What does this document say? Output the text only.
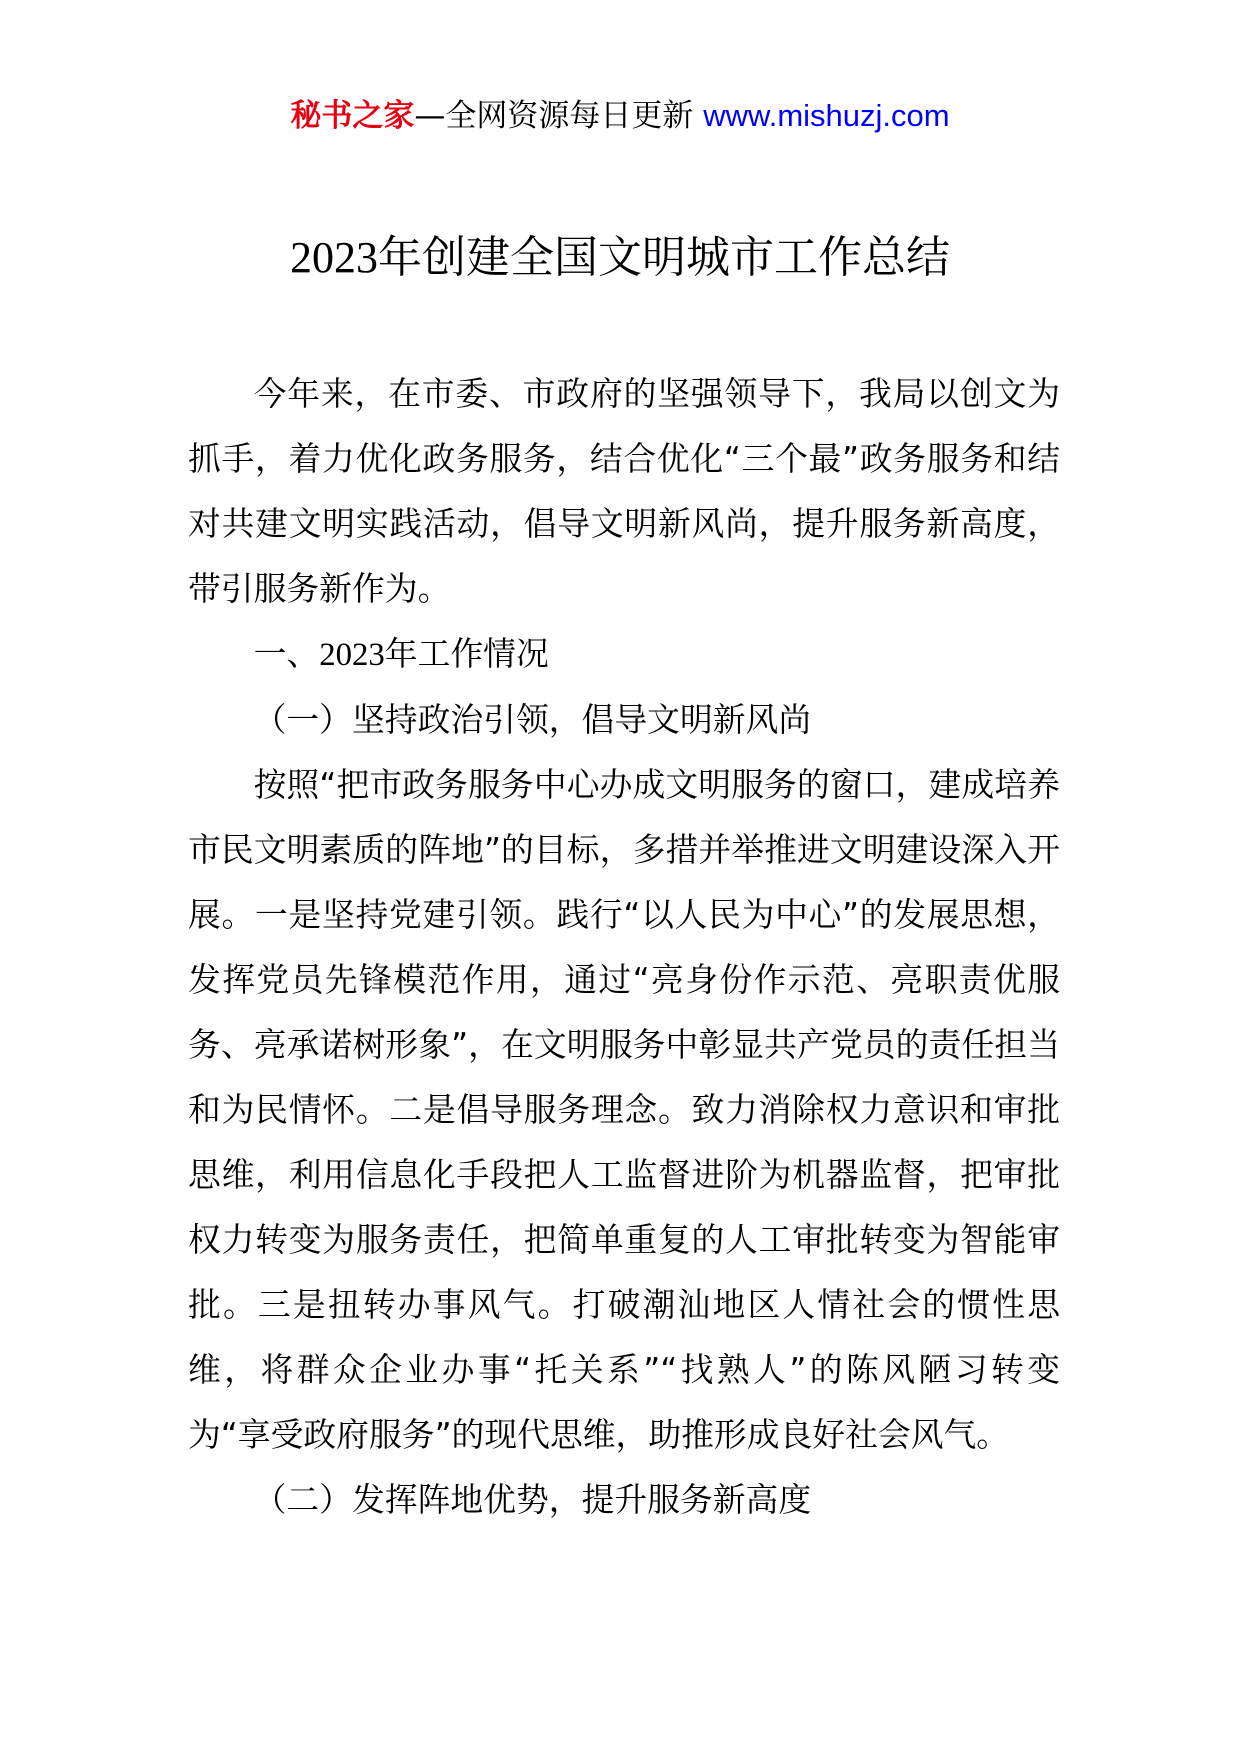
秘书之家—全网资源每日更新 www.mishuzj.com
2023年创建全国文明城市工作总结

今年来，在市委、市政府的坚强领导下，我局以创文为抓手，着力优化政务服务，结合优化“三个最”政务服务和结对共建文明实践活动，倡导文明新风尚，提升服务新高度，带引服务新作为。

一、2023年工作情况

（一）坚持政治引领，倡导文明新风尚

按照“把市政务服务中心办成文明服务的窗口，建成培养市民文明素质的阵地”的目标，多措并举推进文明建设深入开展。一是坚持党建引领。践行“以人民为中心”的发展思想，发挥党员先锋模范作用，通过“亮身份作示范、亮职责优服务、亮承诺树形象”，在文明服务中彰显共产党员的责任担当和为民情怀。二是倡导服务理念。致力消除权力意识和审批思维，利用信息化手段把人工监督进阶为机器监督，把审批权力转变为服务责任，把简单重复的人工审批转变为智能审批。三是扭转办事风气。打破潮汕地区人情社会的惯性思维，将群众企业办事“托关系”“找熟人”的陈风陋习转变为“享受政府服务”的现代思维，助推形成良好社会风气。

（二）发挥阵地优势，提升服务新高度
